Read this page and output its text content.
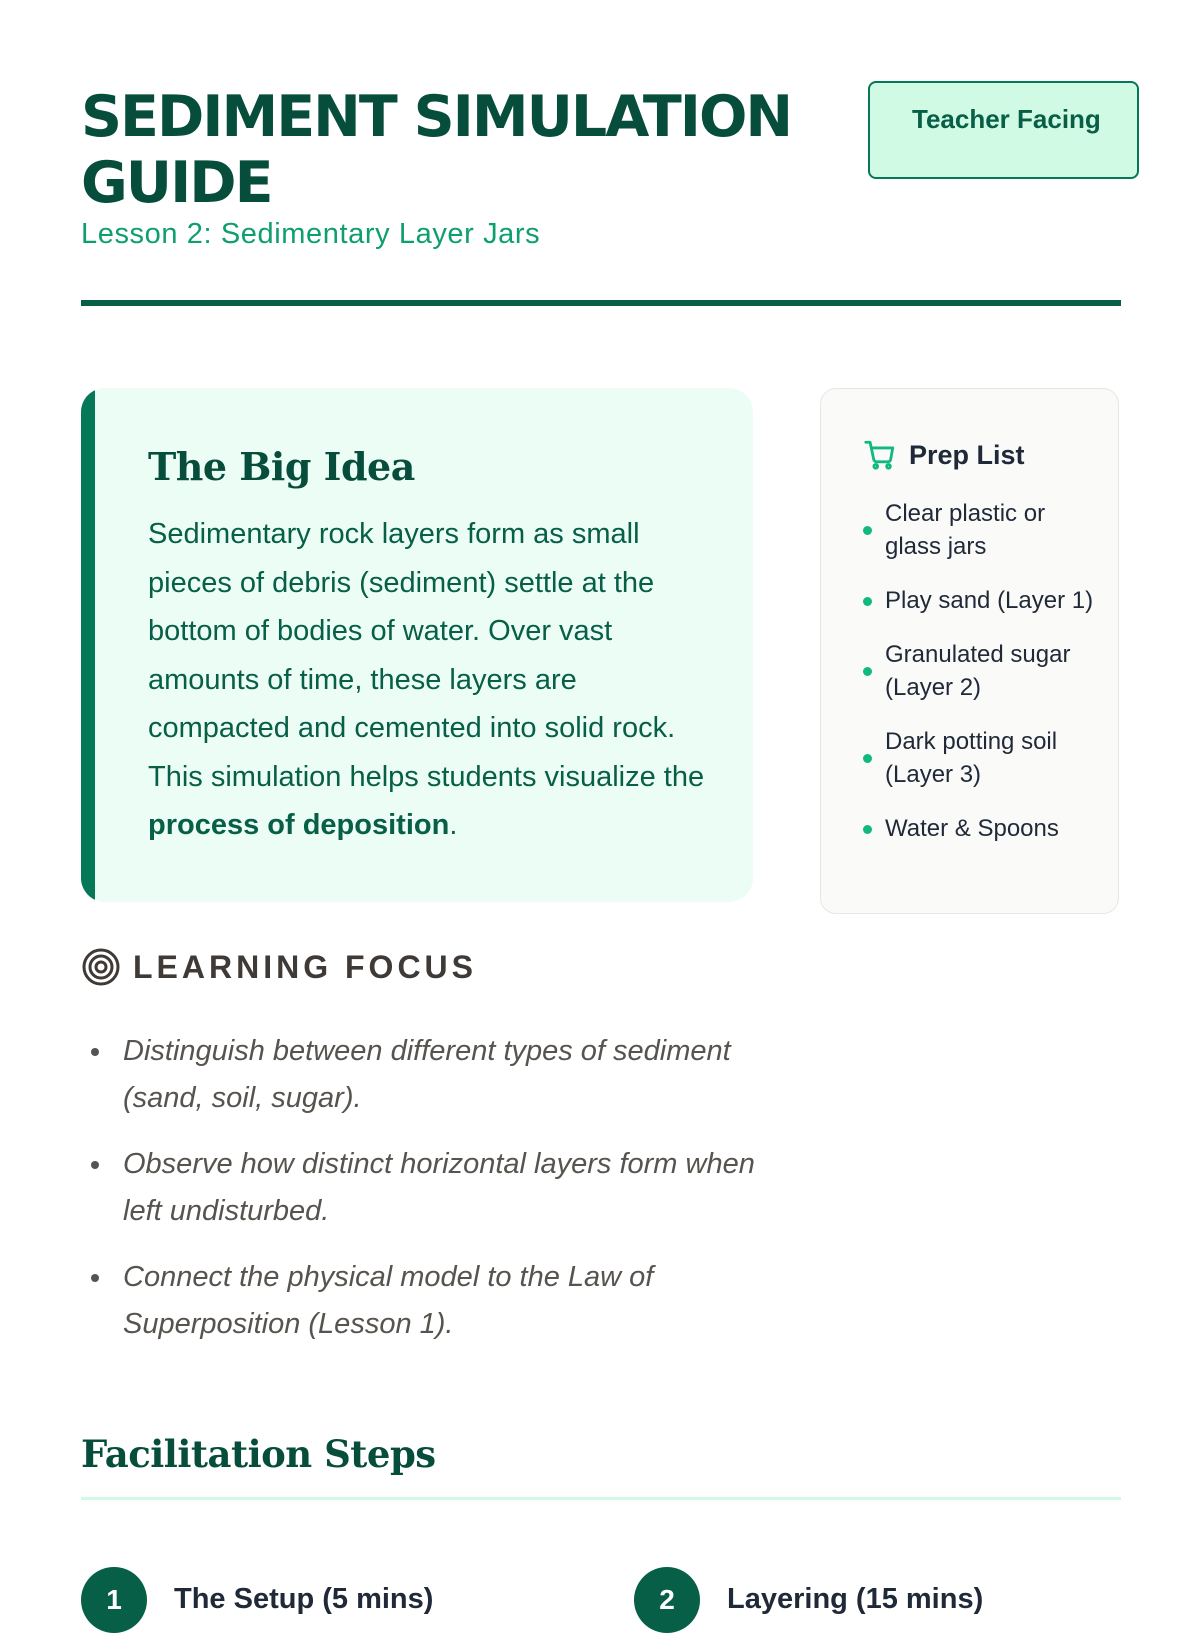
SEDIMENT SIMULATION GUIDE
Lesson 2: Sedimentary Layer Jars
Teacher Facing
The Big Idea

Sedimentary rock layers form as small pieces of debris (sediment) settle at the bottom of bodies of water. Over vast amounts of time, these layers are compacted and cemented into solid rock. This simulation helps students visualize the process of deposition.

Prep List
Clear plastic or glass jars
Play sand (Layer 1)
Granulated sugar (Layer 2)
Dark potting soil (Layer 3)
Water & Spoons
LEARNING FOCUS
Distinguish between different types of sediment (sand, soil, sugar).
Observe how distinct horizontal layers form when left undisturbed.
Connect the physical model to the Law of Superposition (Lesson 1).
Facilitation Steps
1	The Setup (5 mins)	2	Layering (15 mins)
